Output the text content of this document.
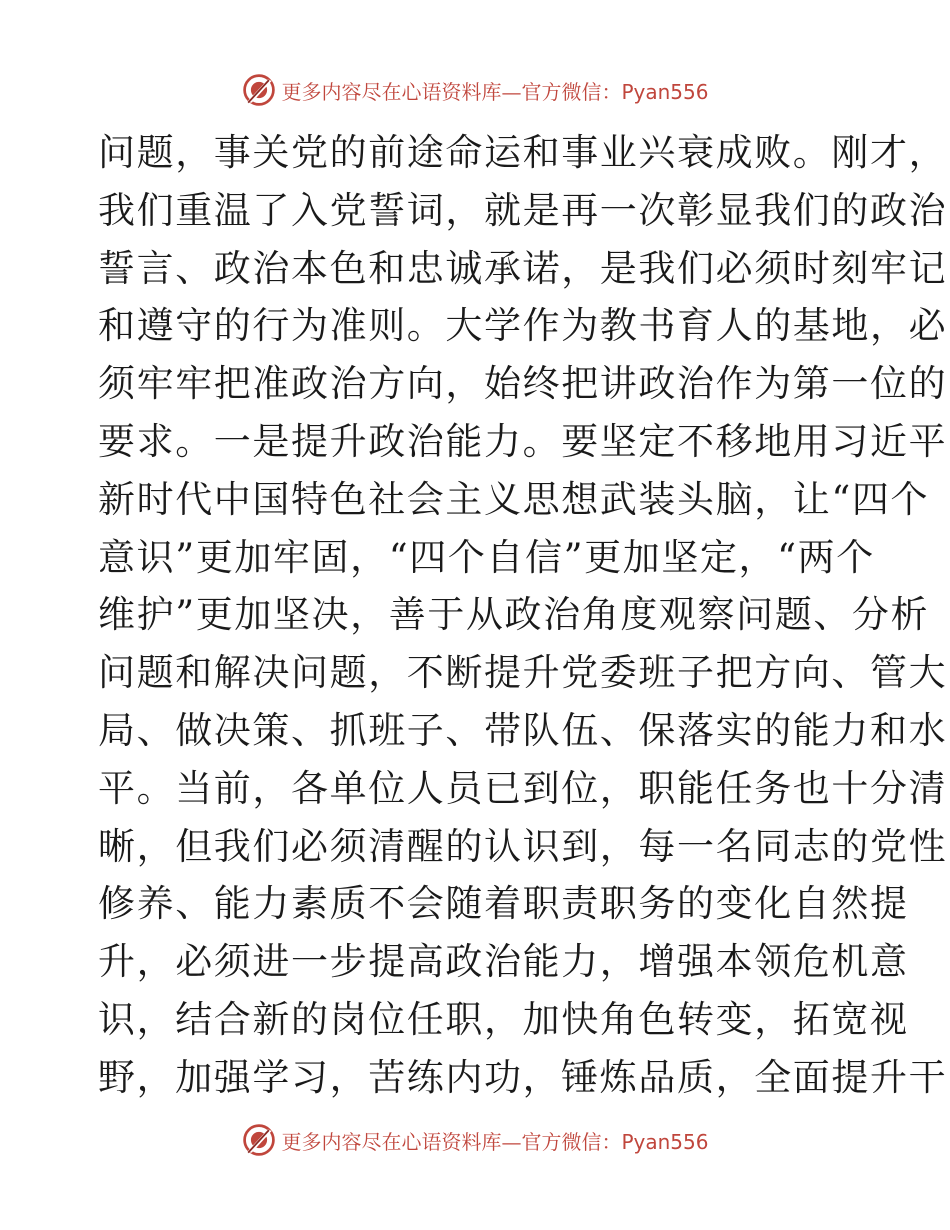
更多内容尽在心语资料库—官方微信：Pyan556
问题，事关党的前途命运和事业兴衰成败。刚才，
我们重温了入党誓词，就是再一次彰显我们的政治
誓言、政治本色和忠诚承诺，是我们必须时刻牢记
和遵守的行为准则。大学作为教书育人的基地，必
须牢牢把准政治方向，始终把讲政治作为第一位的
要求。一是提升政治能力。要坚定不移地用习近平
新时代中国特色社会主义思想武装头脑，让“四个
意识”更加牢固，“四个自信”更加坚定，“两个
维护”更加坚决，善于从政治角度观察问题、分析
问题和解决问题，不断提升党委班子把方向、管大
局、做决策、抓班子、带队伍、保落实的能力和水
平。当前，各单位人员已到位，职能任务也十分清
晰，但我们必须清醒的认识到，每一名同志的党性
修养、能力素质不会随着职责职务的变化自然提
升，必须进一步提高政治能力，增强本领危机意
识，结合新的岗位任职，加快角色转变，拓宽视
野，加强学习，苦练内功，锤炼品质，全面提升干
更多内容尽在心语资料库—官方微信：Pyan556
